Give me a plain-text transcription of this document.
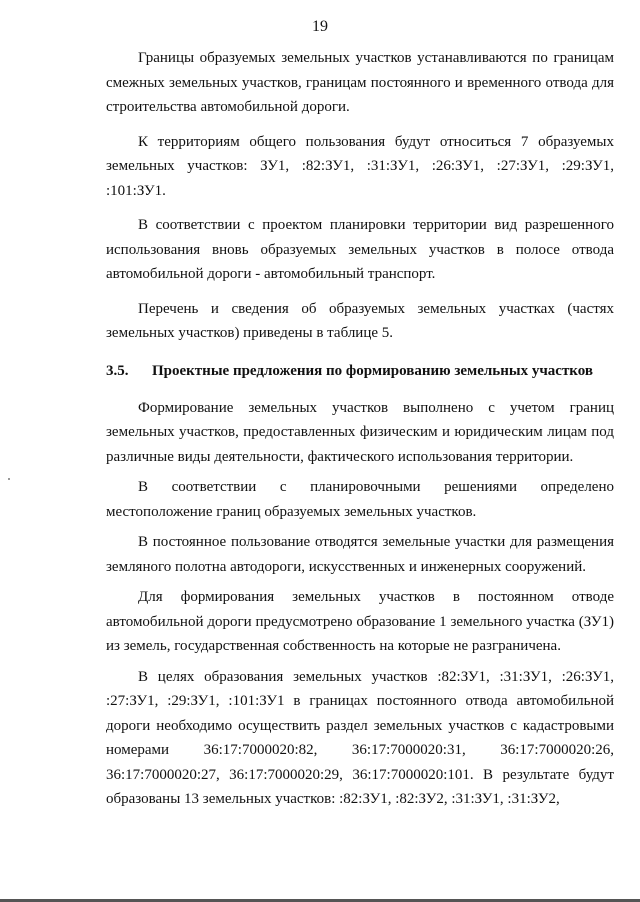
19

Границы образуемых земельных участков устанавливаются по границам смежных земельных участков, границам постоянного и временного отвода для строительства автомобильной дороги.

К территориям общего пользования будут относиться 7 образуемых земельных участков: ЗУ1, :82:ЗУ1, :31:ЗУ1, :26:ЗУ1, :27:ЗУ1, :29:ЗУ1, :101:ЗУ1.

В соответствии с проектом планировки территории вид разрешенного использования вновь образуемых земельных участков в полосе отвода автомобильной дороги - автомобильный транспорт.

Перечень и сведения об образуемых земельных участках (частях земельных участков) приведены в таблице 5.

3.5. Проектные предложения по формированию земельных участков

Формирование земельных участков выполнено с учетом границ земельных участков, предоставленных физическим и юридическим лицам под различные виды деятельности, фактического использования территории.

В соответствии с планировочными решениями определено местоположение границ образуемых земельных участков.

В постоянное пользование отводятся земельные участки для размещения земляного полотна автодороги, искусственных и инженерных сооружений.

Для формирования земельных участков в постоянном отводе автомобильной дороги предусмотрено образование 1 земельного участка (ЗУ1) из земель, государственная собственность на которые не разграничена.

В целях образования земельных участков :82:ЗУ1, :31:ЗУ1, :26:ЗУ1, :27:ЗУ1, :29:ЗУ1, :101:ЗУ1 в границах постоянного отвода автомобильной дороги необходимо осуществить раздел земельных участков с кадастровыми номерами 36:17:7000020:82, 36:17:7000020:31, 36:17:7000020:26, 36:17:7000020:27, 36:17:7000020:29, 36:17:7000020:101. В результате будут образованы 13 земельных участков: :82:ЗУ1, :82:ЗУ2, :31:ЗУ1, :31:ЗУ2,
